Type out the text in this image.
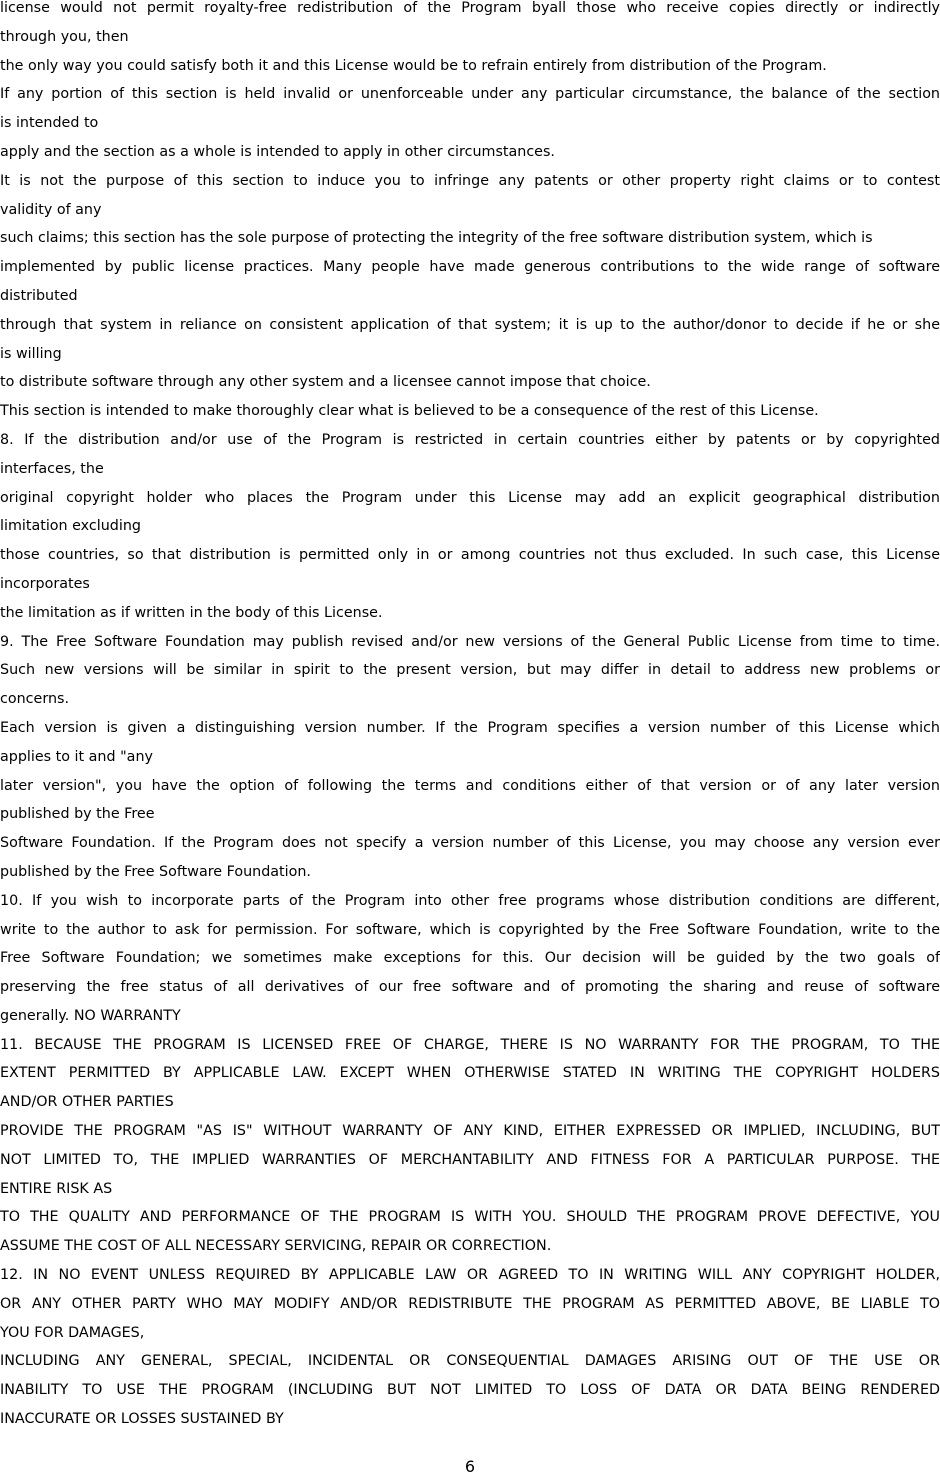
license would not permit royalty-free redistribution of the Program byall those who receive copies directly or indirectly
through you, then
the only way you could satisfy both it and this License would be to refrain entirely from distribution of the Program.
If any portion of this section is held invalid or unenforceable under any particular circumstance, the balance of the section
is intended to
apply and the section as a whole is intended to apply in other circumstances.
It is not the purpose of this section to induce you to infringe any patents or other property right claims or to contest
validity of any
such claims; this section has the sole purpose of protecting the integrity of the free software distribution system, which is
implemented by public license practices. Many people have made generous contributions to the wide range of software
distributed
through that system in reliance on consistent application of that system; it is up to the author/donor to decide if he or she
is willing
to distribute software through any other system and a licensee cannot impose that choice.
This section is intended to make thoroughly clear what is believed to be a consequence of the rest of this License.
8. If the distribution and/or use of the Program is restricted in certain countries either by patents or by copyrighted
interfaces, the
original copyright holder who places the Program under this License may add an explicit geographical distribution
limitation excluding
those countries, so that distribution is permitted only in or among countries not thus excluded. In such case, this License
incorporates
the limitation as if written in the body of this License.
9. The Free Software Foundation may publish revised and/or new versions of the General Public License from time to time.
Such new versions will be similar in spirit to the present version, but may differ in detail to address new problems or
concerns.
Each version is given a distinguishing version number. If the Program specifies a version number of this License which
applies to it and "any
later version", you have the option of following the terms and conditions either of that version or of any later version
published by the Free
Software Foundation. If the Program does not specify a version number of this License, you may choose any version ever
published by the Free Software Foundation.
10. If you wish to incorporate parts of the Program into other free programs whose distribution conditions are different,
write to the author to ask for permission. For software, which is copyrighted by the Free Software Foundation, write to the
Free Software Foundation; we sometimes make exceptions for this. Our decision will be guided by the two goals of
preserving the free status of all derivatives of our free software and of promoting the sharing and reuse of software
generally. NO WARRANTY
11. BECAUSE THE PROGRAM IS LICENSED FREE OF CHARGE, THERE IS NO WARRANTY FOR THE PROGRAM, TO THE
EXTENT PERMITTED BY APPLICABLE LAW. EXCEPT WHEN OTHERWISE STATED IN WRITING THE COPYRIGHT HOLDERS
AND/OR OTHER PARTIES
PROVIDE THE PROGRAM "AS IS" WITHOUT WARRANTY OF ANY KIND, EITHER EXPRESSED OR IMPLIED, INCLUDING, BUT
NOT LIMITED TO, THE IMPLIED WARRANTIES OF MERCHANTABILITY AND FITNESS FOR A PARTICULAR PURPOSE. THE
ENTIRE RISK AS
TO THE QUALITY AND PERFORMANCE OF THE PROGRAM IS WITH YOU. SHOULD THE PROGRAM PROVE DEFECTIVE, YOU
ASSUME THE COST OF ALL NECESSARY SERVICING, REPAIR OR CORRECTION.
12. IN NO EVENT UNLESS REQUIRED BY APPLICABLE LAW OR AGREED TO IN WRITING WILL ANY COPYRIGHT HOLDER,
OR ANY OTHER PARTY WHO MAY MODIFY AND/OR REDISTRIBUTE THE PROGRAM AS PERMITTED ABOVE, BE LIABLE TO
YOU FOR DAMAGES,
INCLUDING ANY GENERAL, SPECIAL, INCIDENTAL OR CONSEQUENTIAL DAMAGES ARISING OUT OF THE USE OR
INABILITY TO USE THE PROGRAM (INCLUDING BUT NOT LIMITED TO LOSS OF DATA OR DATA BEING RENDERED
INACCURATE OR LOSSES SUSTAINED BY
6
